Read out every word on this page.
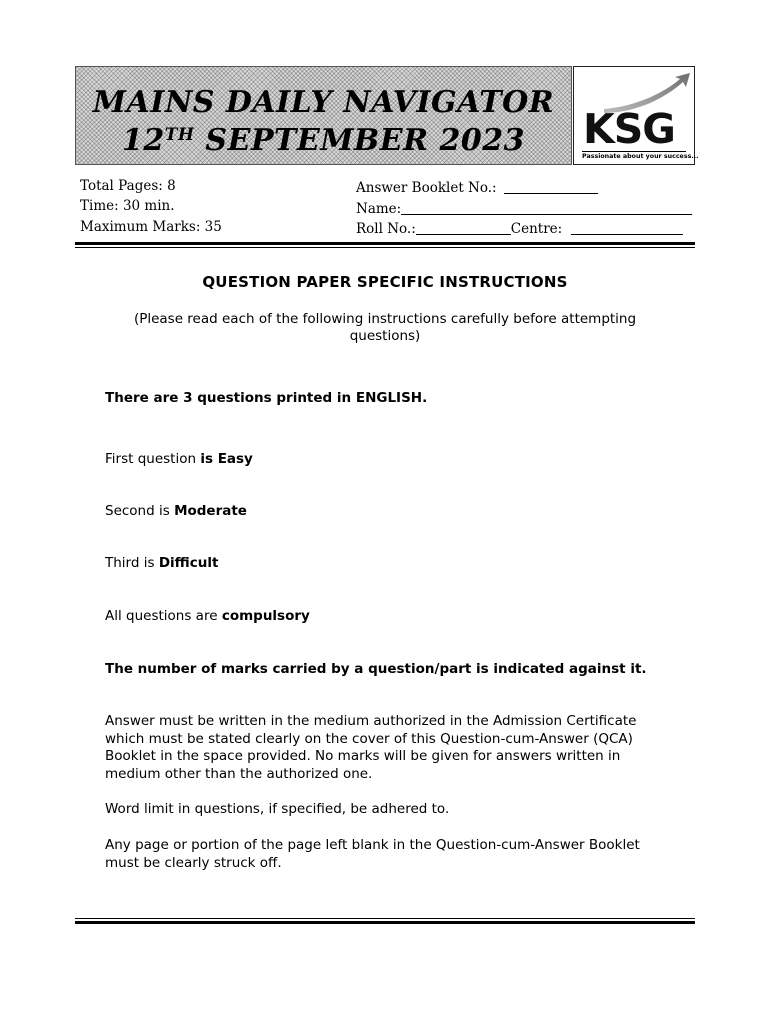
MAINS DAILY NAVIGATOR
12TH SEPTEMBER 2023	KSG
Passionate about your success...
Total Pages: 8
Time: 30 min.
Maximum Marks: 35
Answer Booklet No.:
Name:
Roll No.:	Centre:
QUESTION PAPER SPECIFIC INSTRUCTIONS
(Please read each of the following instructions carefully before attempting questions)
There are 3 questions printed in ENGLISH.
First question is Easy
Second is Moderate
Third is Difficult
All questions are compulsory
The number of marks carried by a question/part is indicated against it.
Answer must be written in the medium authorized in the Admission Certificate which must be stated clearly on the cover of this Question-cum-Answer (QCA) Booklet in the space provided. No marks will be given for answers written in medium other than the authorized one.
Word limit in questions, if specified, be adhered to.
Any page or portion of the page left blank in the Question-cum-Answer Booklet must be clearly struck off.
